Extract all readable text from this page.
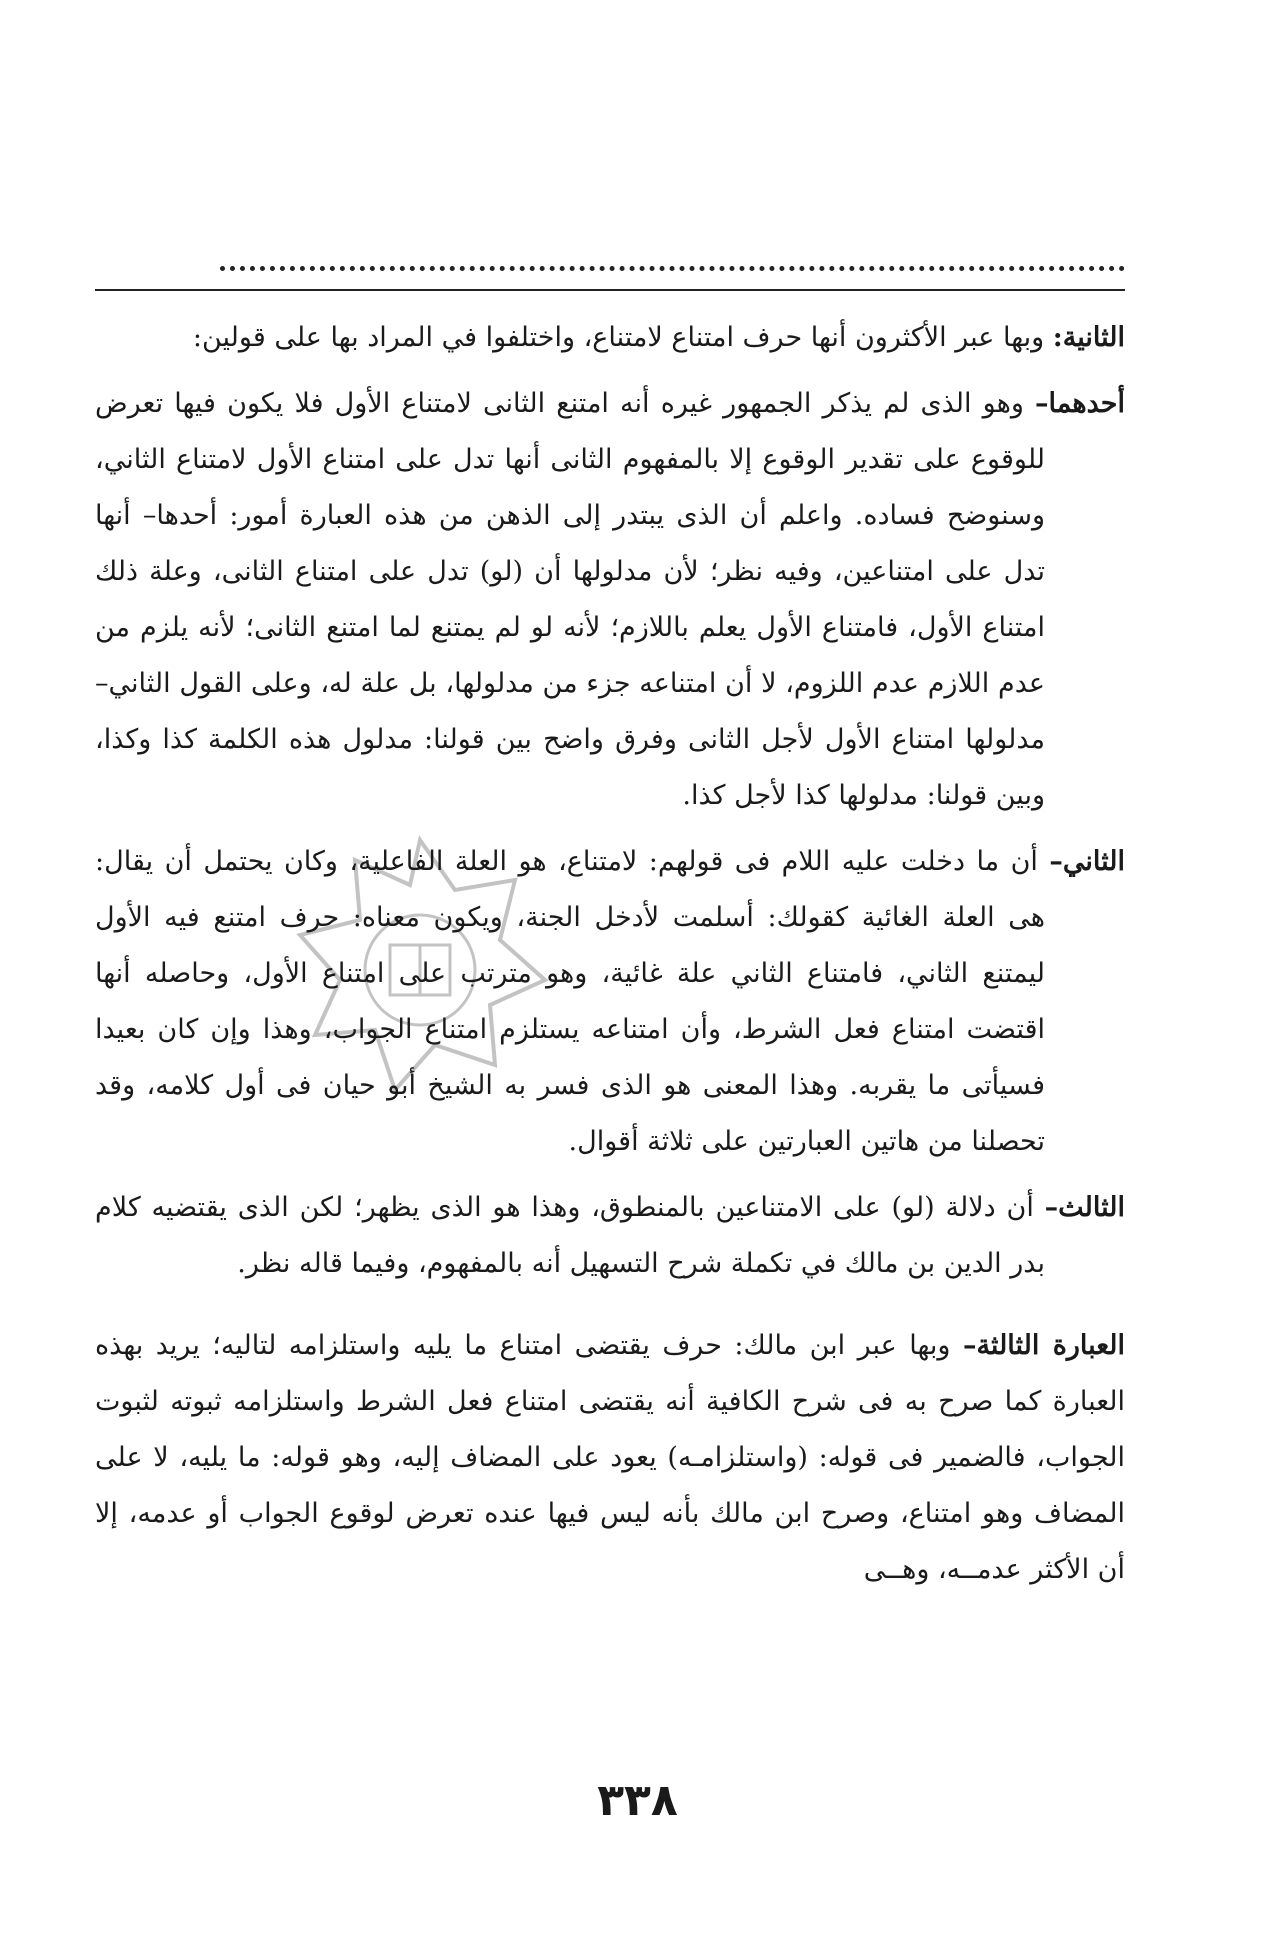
الثانية: وبها عبر الأكثرون أنها حرف امتناع لامتناع، واختلفوا في المراد بها على قولين:

أحدهما– وهو الذى لم يذكر الجمهور غيره أنه امتنع الثانى لامتناع الأول فلا يكون فيها تعرض للوقوع على تقدير الوقوع إلا بالمفهوم الثانى أنها تدل على امتناع الأول لامتناع الثاني، وسنوضح فساده. واعلم أن الذى يبتدر إلى الذهن من هذه العبارة أمور: أحدها– أنها تدل على امتناعين، وفيه نظر؛ لأن مدلولها أن (لو) تدل على امتناع الثانى، وعلة ذلك امتناع الأول، فامتناع الأول يعلم باللازم؛ لأنه لو لم يمتنع لما امتنع الثانى؛ لأنه يلزم من عدم اللازم عدم اللزوم، لا أن امتناعه جزء من مدلولها، بل علة له، وعلى القول الثاني– مدلولها امتناع الأول لأجل الثانى وفرق واضح بين قولنا: مدلول هذه الكلمة كذا وكذا، وبين قولنا: مدلولها كذا لأجل كذا.

الثاني– أن ما دخلت عليه اللام فى قولهم: لامتناع، هو العلة الفاعلية، وكان يحتمل أن يقال: هى العلة الغائية كقولك: أسلمت لأدخل الجنة، ويكون معناه: حرف امتنع فيه الأول ليمتنع الثاني، فامتناع الثاني علة غائية، وهو مترتب على امتناع الأول، وحاصله أنها اقتضت امتناع فعل الشرط، وأن امتناعه يستلزم امتناع الجواب، وهذا وإن كان بعيدا فسيأتى ما يقربه. وهذا المعنى هو الذى فسر به الشيخ أبو حيان فى أول كلامه، وقد تحصلنا من هاتين العبارتين على ثلاثة أقوال.

الثالث– أن دلالة (لو) على الامتناعين بالمنطوق، وهذا هو الذى يظهر؛ لكن الذى يقتضيه كلام بدر الدين بن مالك في تكملة شرح التسهيل أنه بالمفهوم، وفيما قاله نظر.

العبارة الثالثة– وبها عبر ابن مالك: حرف يقتضى امتناع ما يليه واستلزامه لتاليه؛ يريد بهذه العبارة كما صرح به فى شرح الكافية أنه يقتضى امتناع فعل الشرط واستلزامه ثبوته لثبوت الجواب، فالضمير فى قوله: (واستلزامـه) يعود على المضاف إليه، وهو قوله: ما يليه، لا على المضاف وهو امتناع، وصرح ابن مالك بأنه ليس فيها عنده تعرض لوقوع الجواب أو عدمه، إلا أن الأكثر عدمــه، وهــى

٣٣٨
